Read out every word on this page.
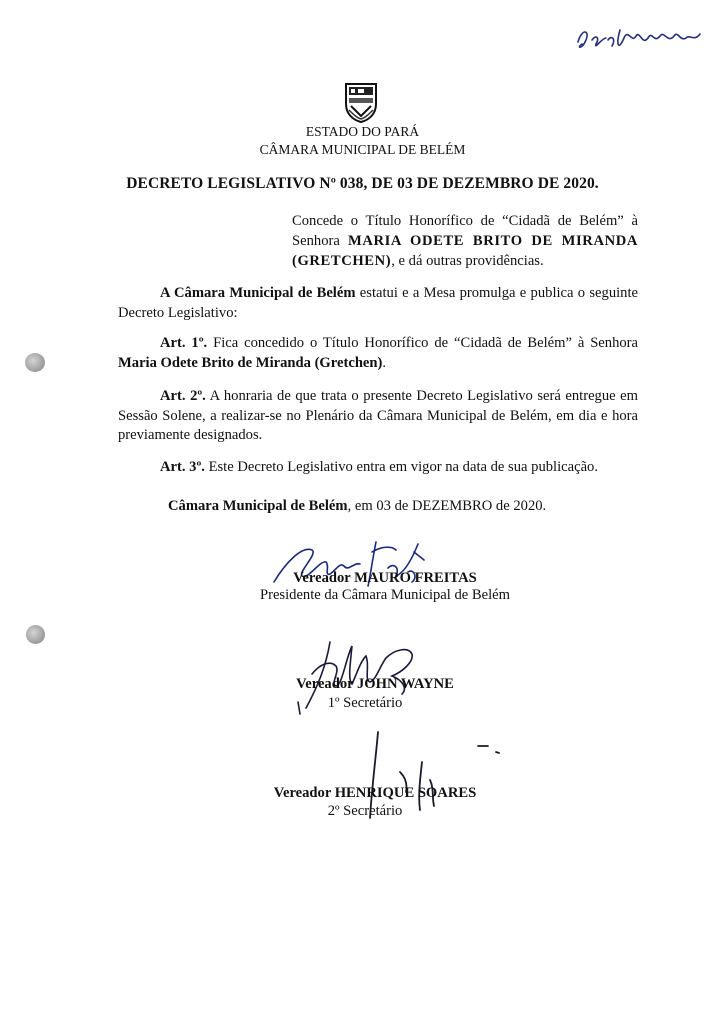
ESTADO DO PARÁ
CÂMARA MUNICIPAL DE BELÉM
DECRETO LEGISLATIVO Nº 038, DE 03 DE DEZEMBRO DE 2020.
Concede o Título Honorífico de “Cidadã de Belém” à Senhora MARIA ODETE BRITO DE MIRANDA (GRETCHEN), e dá outras providências.
A Câmara Municipal de Belém estatui e a Mesa promulga e publica o seguinte Decreto Legislativo:
Art. 1º. Fica concedido o Título Honorífico de “Cidadã de Belém” à Senhora Maria Odete Brito de Miranda (Gretchen).
Art. 2º. A honraria de que trata o presente Decreto Legislativo será entregue em Sessão Solene, a realizar-se no Plenário da Câmara Municipal de Belém, em dia e hora previamente designados.
Art. 3º. Este Decreto Legislativo entra em vigor na data de sua publicação.
Câmara Municipal de Belém, em 03 de DEZEMBRO de 2020.
Vereador MAURO FREITAS
Presidente da Câmara Municipal de Belém
Vereador JOHN WAYNE
1º Secretário
Vereador HENRIQUE SOARES
2º Secretário
